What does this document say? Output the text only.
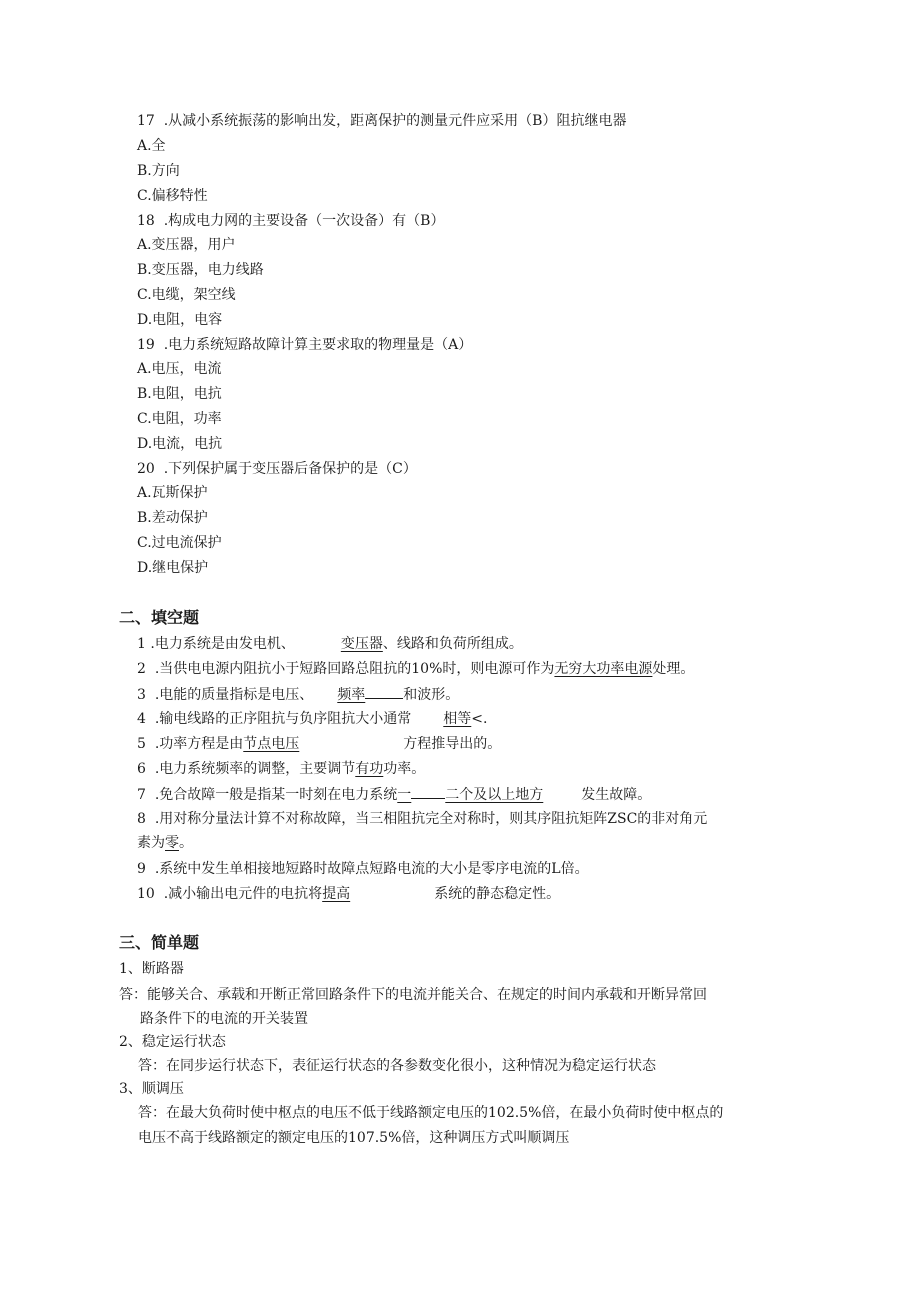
17 .从减小系统振荡的影响出发，距离保护的测量元件应采用（B）阻抗继电器
A.全
B.方向
C.偏移特性
18 .构成电力网的主要设备（一次设备）有（B）
A.变压器，用户
B.变压器，电力线路
C.电缆，架空线
D.电阻，电容
19 .电力系统短路故障计算主要求取的物理量是（A）
A.电压，电流
B.电阻，电抗
C.电阻，功率
D.电流，电抗
20 .下列保护属于变压器后备保护的是（C）
A.瓦斯保护
B.差动保护
C.过电流保护
D.继电保护
二、填空题
1 .电力系统是由发电机、	变压器、线路和负荷所组成。
2 .当供电电源内阻抗小于短路回路总阻抗的10%时，则电源可作为无穷大功率电源处理。
3 .电能的质量指标是电压、 频率	和波形。
4 .输电线路的正序阻抗与负序阻抗大小通常 相等<.
5 .功率方程是由节点电压	方程推导出的。
6 .电力系统频率的调整，主要调节有功功率。
7 .免合故障一般是指某一时刻在电力系统一 二个及以上地方	发生故障。
8 .用对称分量法计算不对称故障，当三相阻抗完全对称时，则其序阻抗矩阵ZSC的非对角元
素为零。
9 .系统中发生单相接地短路时故障点短路电流的大小是零序电流的L倍。
10 .减小输出电元件的电抗将提高	系统的静态稳定性。
三、简单题
1、断路器
答：能够关合、承载和开断正常回路条件下的电流并能关合、在规定的时间内承载和开断异常回
路条件下的电流的开关装置
2、稳定运行状态
答：在同步运行状态下，表征运行状态的各参数变化很小，这种情况为稳定运行状态
3、顺调压
答：在最大负荷时使中枢点的电压不低于线路额定电压的102.5%倍，在最小负荷时使中枢点的
电压不高于线路额定的额定电压的107.5%倍，这种调压方式叫顺调压
